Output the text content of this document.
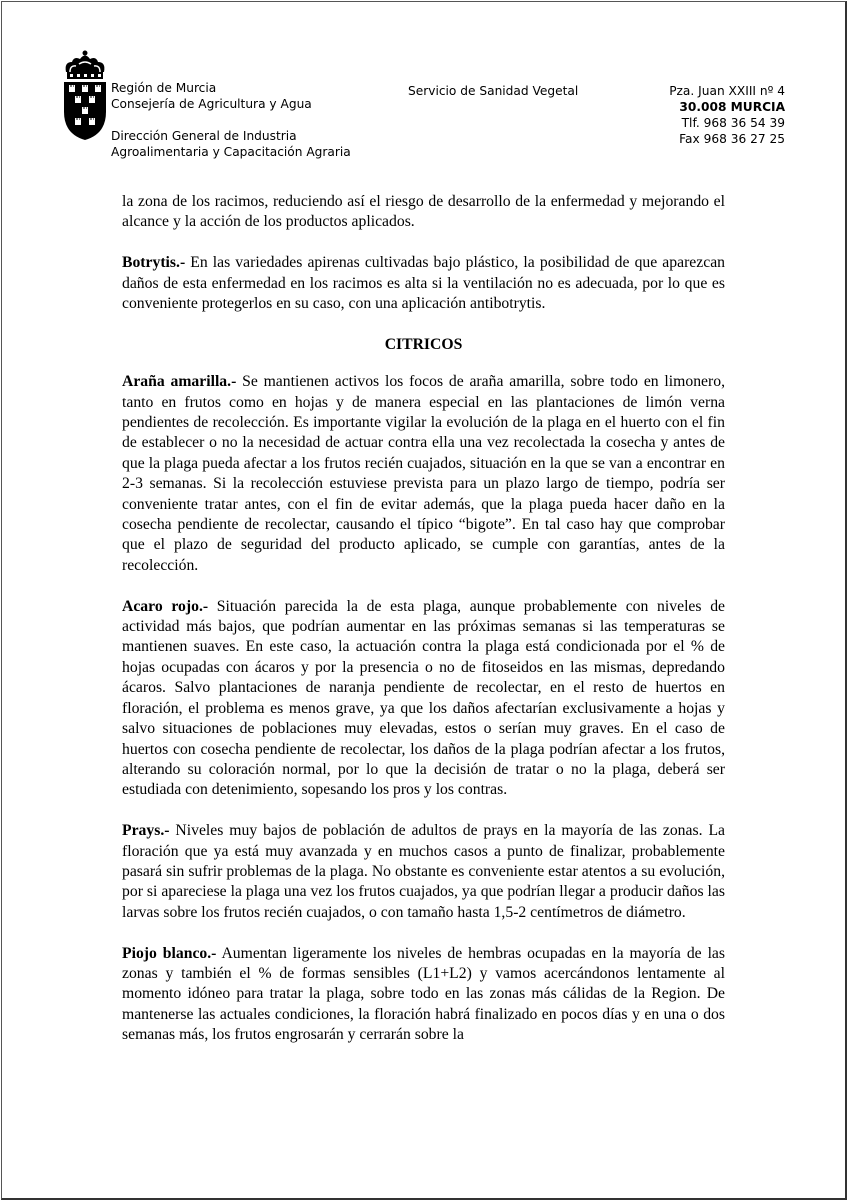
Región de Murcia
Consejería de Agricultura y Agua
Dirección General de Industria
Agroalimentaria y Capacitación Agraria
Servicio de Sanidad Vegetal	Pza. Juan XXIII nº 4
30.008 MURCIA
Tlf. 968 36 54 39
Fax 968 36 27 25

la zona de los racimos, reduciendo así el riesgo de desarrollo de la enfermedad y mejorando el alcance y la acción de los productos aplicados.

Botrytis.- En las variedades apirenas cultivadas bajo plástico, la posibilidad de que aparezcan daños de esta enfermedad en los racimos es alta si la ventilación no es adecuada, por lo que es conveniente protegerlos en su caso, con una aplicación antibotrytis.

CITRICOS

Araña amarilla.- Se mantienen activos los focos de araña amarilla, sobre todo en limonero, tanto en frutos como en hojas y de manera especial en las plantaciones de limón verna pendientes de recolección. Es importante vigilar la evolución de la plaga en el huerto con el fin de establecer o no la necesidad de actuar contra ella una vez recolectada la cosecha y antes de que la plaga pueda afectar a los frutos recién cuajados, situación en la que se van a encontrar en 2-3 semanas. Si la recolección estuviese prevista para un plazo largo de tiempo, podría ser conveniente tratar antes, con el fin de evitar además, que la plaga pueda hacer daño en la cosecha pendiente de recolectar, causando el típico “bigote”. En tal caso hay que comprobar que el plazo de seguridad del producto aplicado, se cumple con garantías, antes de la recolección.

Acaro rojo.- Situación parecida la de esta plaga, aunque probablemente con niveles de actividad más bajos, que podrían aumentar en las próximas semanas si las temperaturas se mantienen suaves. En este caso, la actuación contra la plaga está condicionada por el % de hojas ocupadas con ácaros y por la presencia o no de fitoseidos en las mismas, depredando ácaros. Salvo plantaciones de naranja pendiente de recolectar, en el resto de huertos en floración, el problema es menos grave, ya que los daños afectarían exclusivamente a hojas y salvo situaciones de poblaciones muy elevadas, estos o serían muy graves. En el caso de huertos con cosecha pendiente de recolectar, los daños de la plaga podrían afectar a los frutos, alterando su coloración normal, por lo que la decisión de tratar o no la plaga, deberá ser estudiada con detenimiento, sopesando los pros y los contras.

Prays.- Niveles muy bajos de población de adultos de prays en la mayoría de las zonas. La floración que ya está muy avanzada y en muchos casos a punto de finalizar, probablemente pasará sin sufrir problemas de la plaga. No obstante es conveniente estar atentos a su evolución, por si apareciese la plaga una vez los frutos cuajados, ya que podrían llegar a producir daños las larvas sobre los frutos recién cuajados, o con tamaño hasta 1,5-2 centímetros de diámetro.

Piojo blanco.- Aumentan ligeramente los niveles de hembras ocupadas en la mayoría de las zonas y también el % de formas sensibles (L1+L2) y vamos acercándonos lentamente al momento idóneo para tratar la plaga, sobre todo en las zonas más cálidas de la Region. De mantenerse las actuales condiciones, la floración habrá finalizado en pocos días y en una o dos semanas más, los frutos engrosarán y cerrarán sobre la
